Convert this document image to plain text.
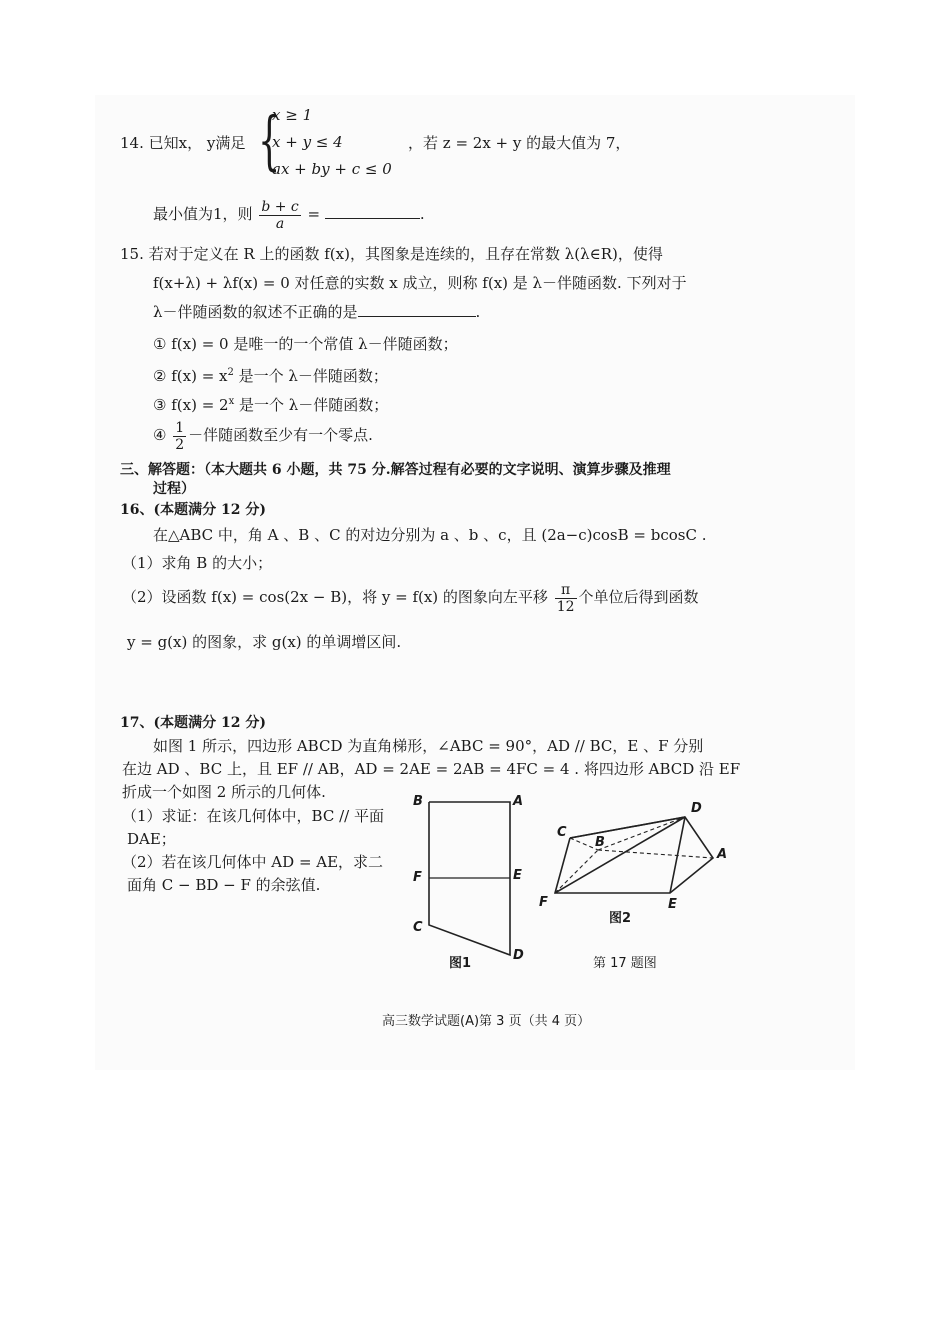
14. 已知x， y满足 {
x ≥ 1
x + y ≤ 4
ax + by + c ≤ 0
，若 z = 2x + y 的最大值为 7，
最小值为1，则 $\frac{b + c}{a}$ =	.
15. 若对于定义在 R 上的函数 f(x)，其图象是连续的，且存在常数 λ(λ∈R)，使得
f(x+λ) + λf(x) = 0 对任意的实数 x 成立，则称 f(x) 是 λ－伴随函数. 下列对于
λ－伴随函数的叙述不正确的是	.
① f(x) = 0 是唯一的一个常值 λ－伴随函数；
② $f(x) = x^2$ 是一个 λ－伴随函数；
③ $f(x) = 2^x$ 是一个 λ－伴随函数；
④ $\frac{1}{2}$ －伴随函数至少有一个零点.
三、解答题：（本大题共 6 小题，共 75 分.解答过程有必要的文字说明、演算步骤及推理
过程）
16、(本题满分 12 分)
在△ABC 中，角 A 、B 、C 的对边分别为 a 、b 、c，且 (2a−c)cosB = bcosC .
（1）求角 B 的大小；
（2）设函数 f(x) = cos(2x − B)，将 y = f(x) 的图象向左平移 $\frac{\pi}{12}$ 个单位后得到函数
y = g(x) 的图象，求 g(x) 的单调增区间.
17、(本题满分 12 分)
如图 1 所示，四边形 ABCD 为直角梯形，∠ABC = 90°，AD // BC，E 、F 分别
在边 AD 、BC 上，且 EF // AB，AD = 2AE = 2AB = 4FC = 4 . 将四边形 ABCD 沿 EF
折成一个如图 2 所示的几何体.
（1）求证：在该几何体中，BC // 平面
DAE；
（2）若在该几何体中 AD = AE，求二
面角 C − BD − F 的余弦值.
B	A
F	E
C
D
图1
C
B
D
A
F	E
图2
第 17 题图
高三数学试题(A)第 3 页（共 4 页）
